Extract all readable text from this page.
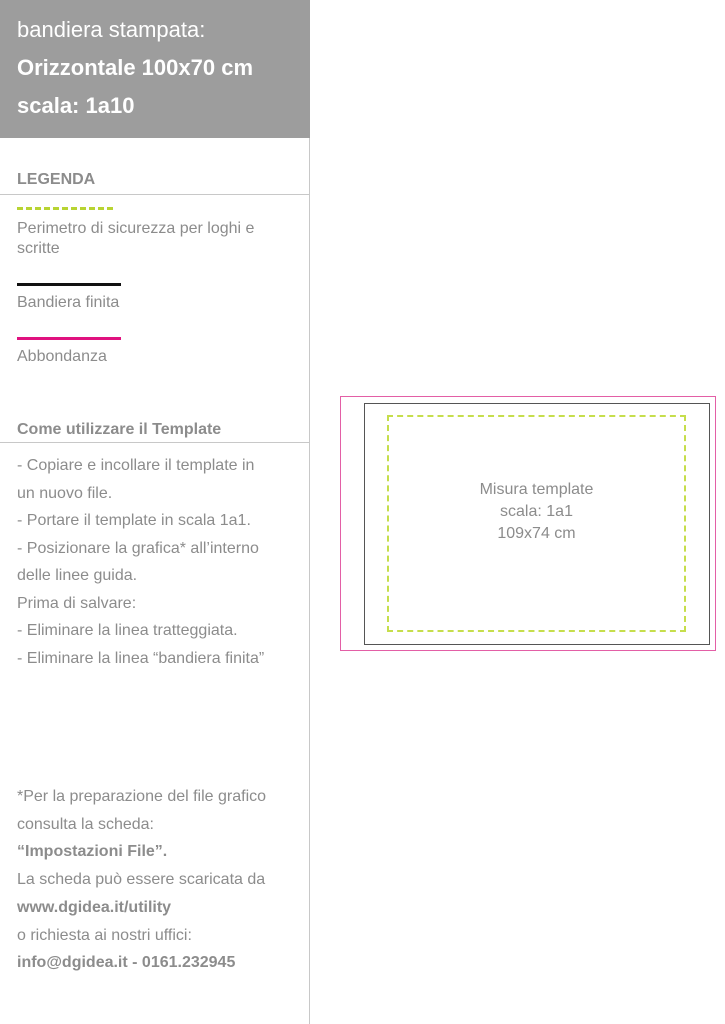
bandiera stampata:
Orizzontale 100x70 cm
scala: 1a10
LEGENDA
Perimetro di sicurezza per loghi e scritte
Bandiera finita
Abbondanza
Come utilizzare il Template
- Copiare e incollare il template in
un nuovo file.
- Portare il template in scala 1a1.
- Posizionare la grafica* all’interno
delle linee guida.
Prima di salvare:
- Eliminare la linea tratteggiata.
- Eliminare la linea “bandiera finita”
*Per la preparazione del file grafico
consulta la scheda:
“Impostazioni File”.
La scheda può essere scaricata da
www.dgidea.it/utility
o richiesta ai nostri uffici:
info@dgidea.it - 0161.232945
Misura template
scala: 1a1
109x74 cm
